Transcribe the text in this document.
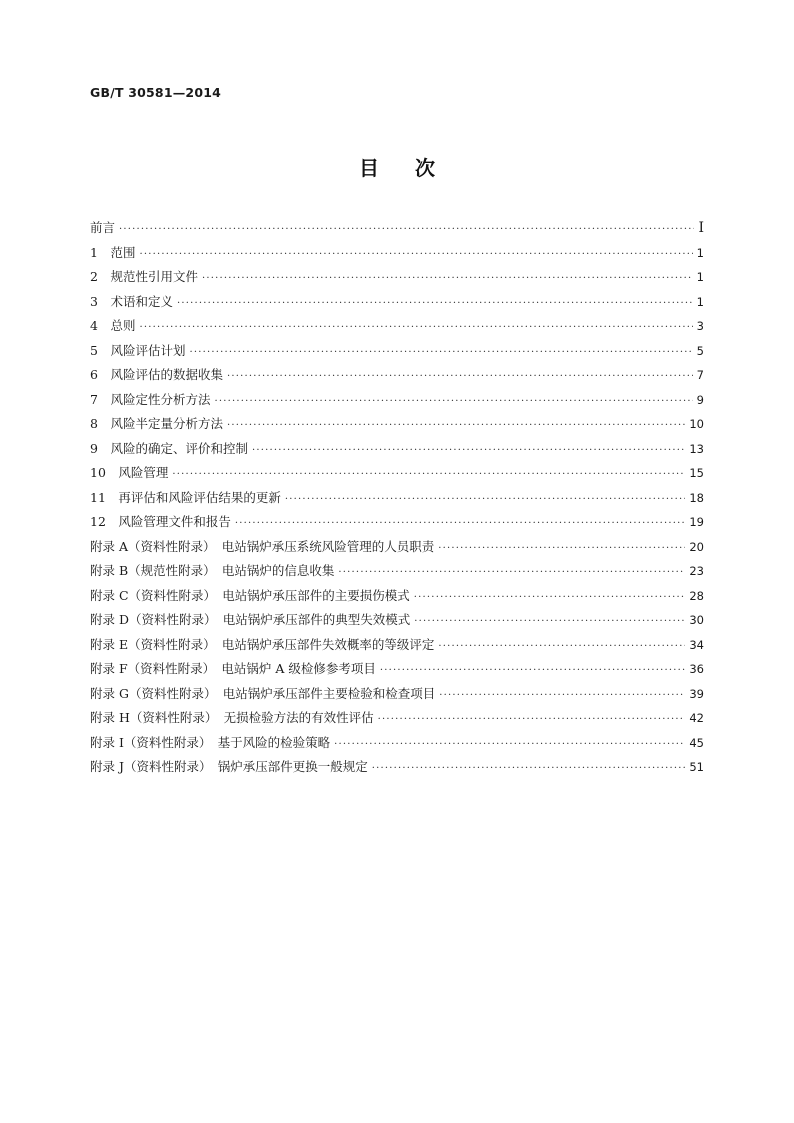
GB/T 30581—2014
目次
前言 ·····	Ⅰ
1　范围 ·····	1
2　规范性引用文件 ·····	1
3　术语和定义 ·····	1
4　总则 ·····	3
5　风险评估计划 ·····	5
6　风险评估的数据收集 ·····	7
7　风险定性分析方法 ·····	9
8　风险半定量分析方法 ·····	10
9　风险的确定、评价和控制 ·····	13
10　风险管理 ·····	15
11　再评估和风险评估结果的更新 ·····	18
12　风险管理文件和报告 ·····	19
附录 A（资料性附录）　电站锅炉承压系统风险管理的人员职责 ·····	20
附录 B（规范性附录）　电站锅炉的信息收集 ·····	23
附录 C（资料性附录）　电站锅炉承压部件的主要损伤模式 ·····	28
附录 D（资料性附录）　电站锅炉承压部件的典型失效模式 ·····	30
附录 E（资料性附录）　电站锅炉承压部件失效概率的等级评定 ·····	34
附录 F（资料性附录）　电站锅炉 A 级检修参考项目 ·····	36
附录 G（资料性附录）　电站锅炉承压部件主要检验和检查项目 ·····	39
附录 H（资料性附录）　无损检验方法的有效性评估 ·····	42
附录 I（资料性附录）　基于风险的检验策略 ·····	45
附录 J（资料性附录）　锅炉承压部件更换一般规定 ·····	51
